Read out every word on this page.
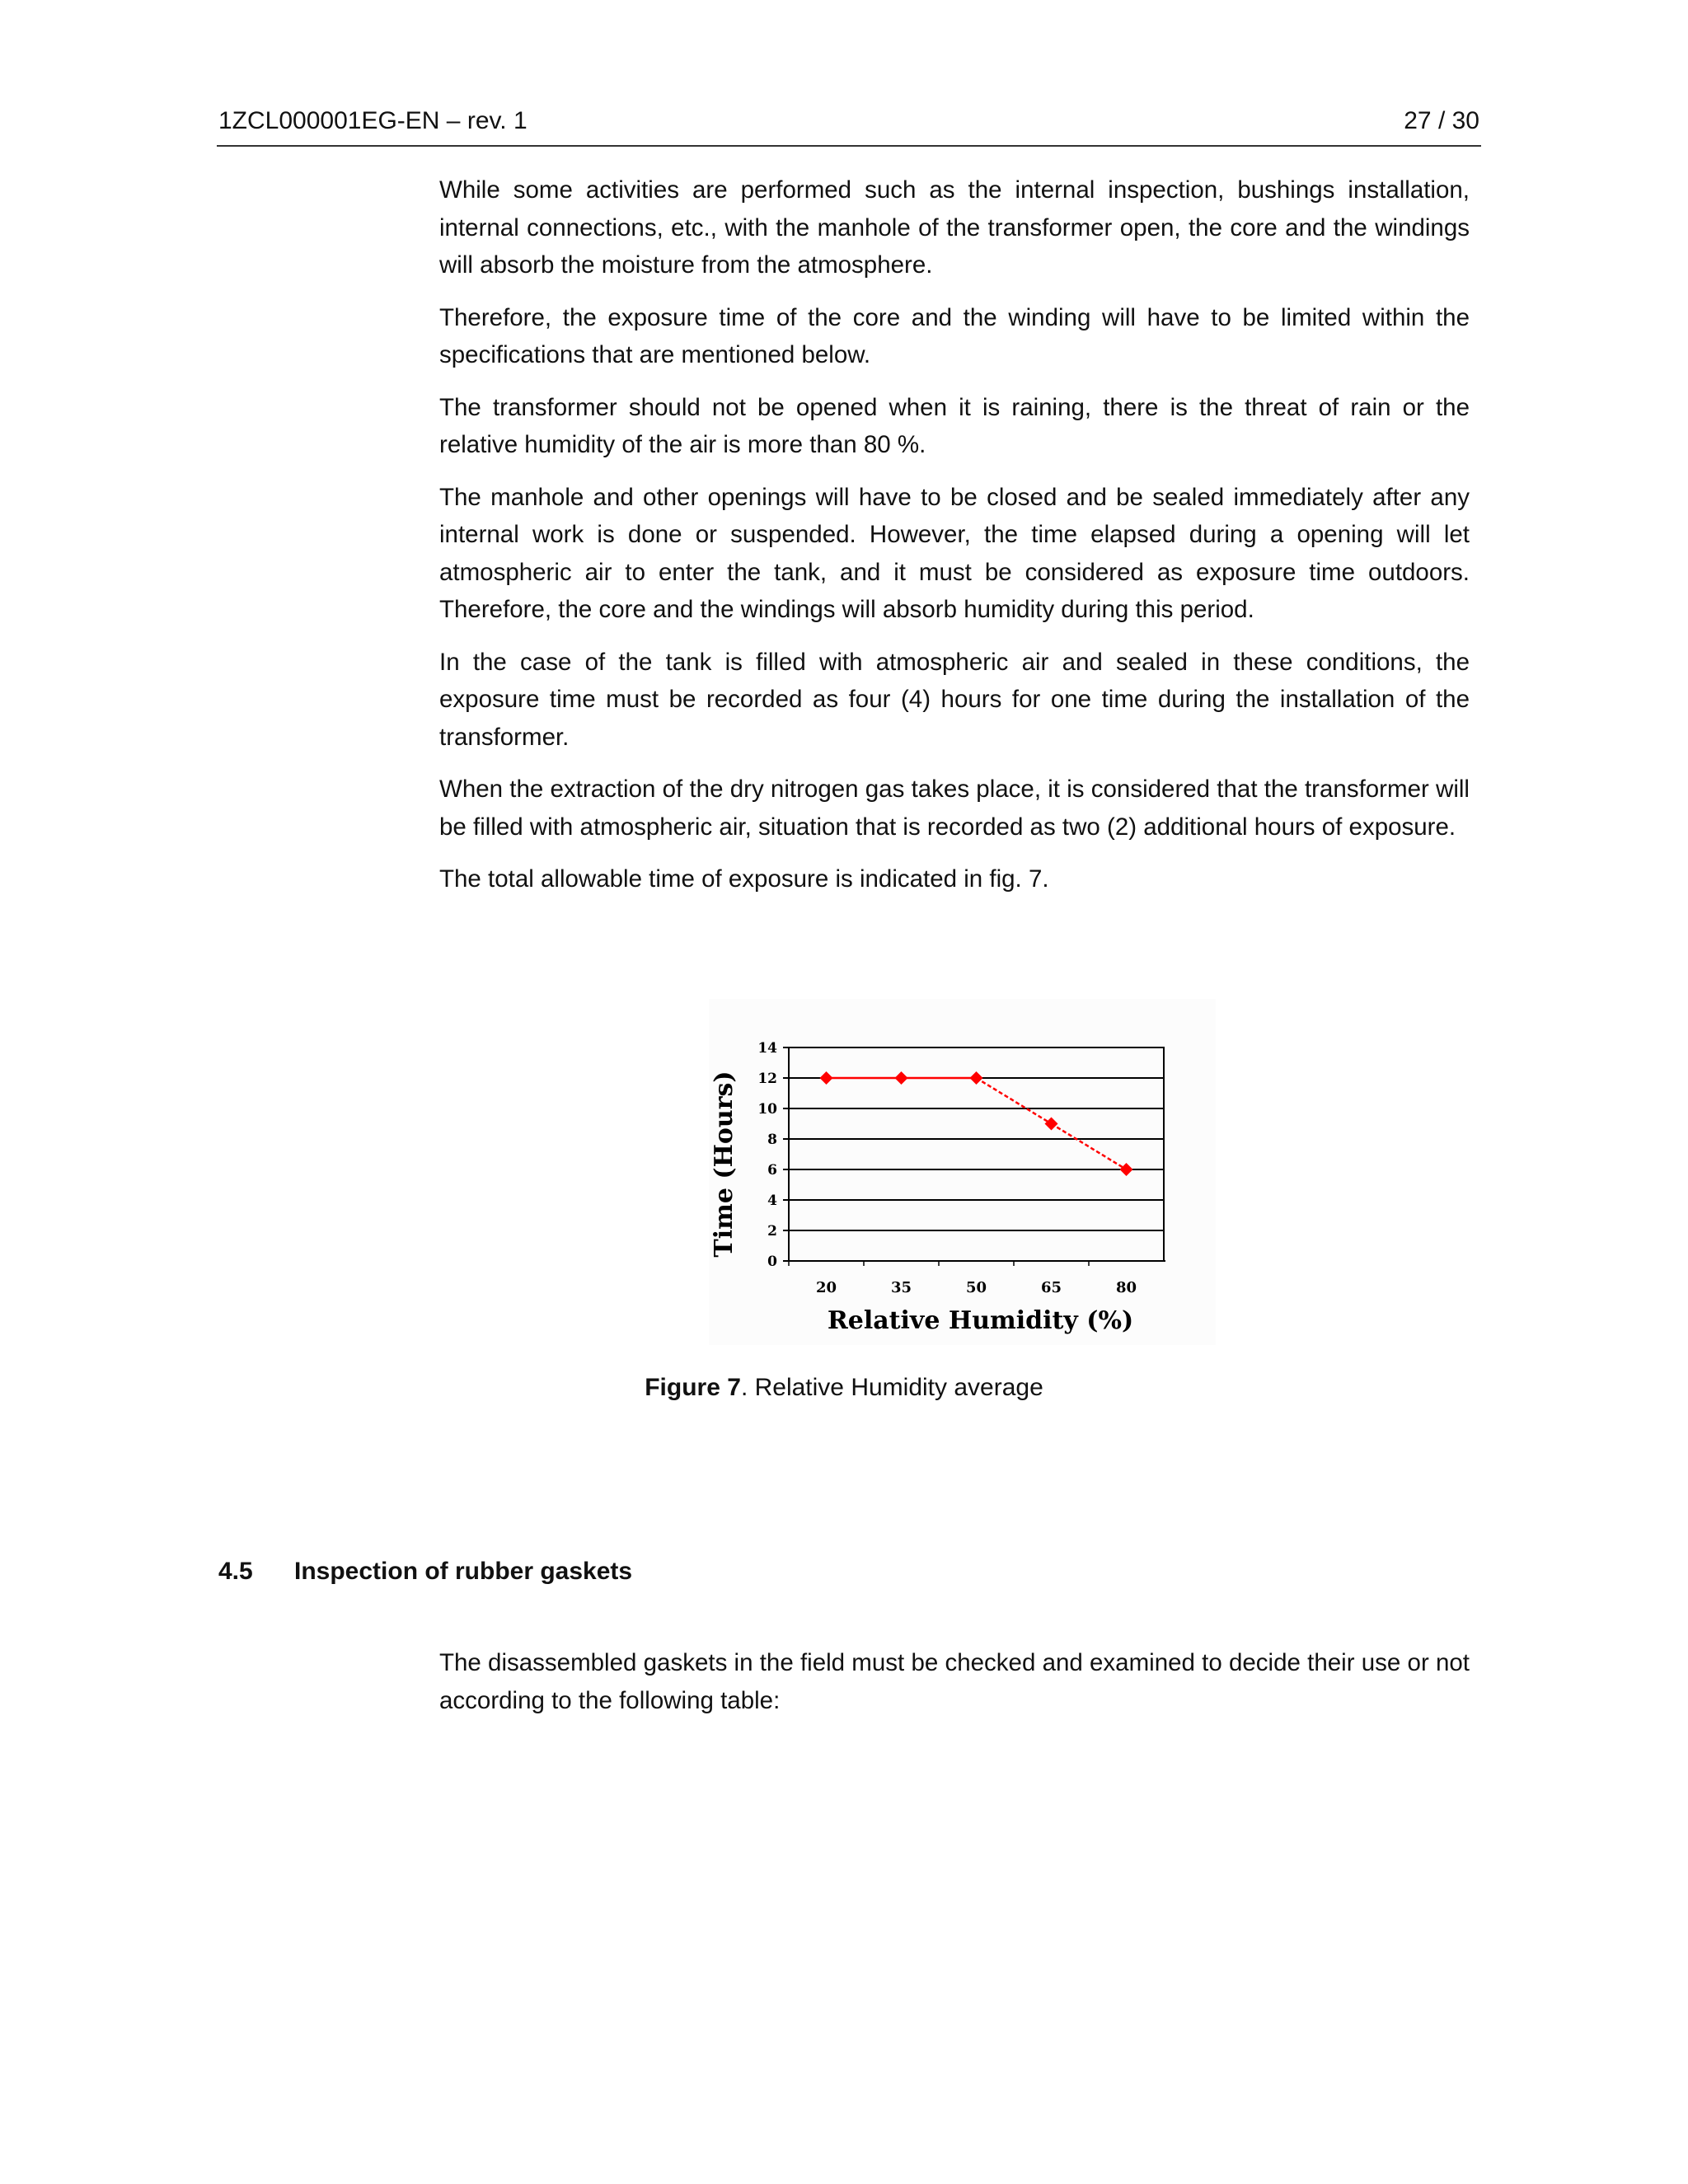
1ZCL000001EG-EN – rev. 1	27 / 30

While some activities are performed such as the internal inspection, bushings installation, internal connections, etc., with the manhole of the transformer open, the core and the windings will absorb the moisture from the atmosphere.

Therefore, the exposure time of the core and the winding will have to be limited within the specifications that are mentioned below.

The transformer should not be opened when it is raining, there is the threat of rain or the relative humidity of the air is more than 80 %.

The manhole and other openings will have to be closed and be sealed immediately after any internal work is done or suspended. However, the time elapsed during a opening will let atmospheric air to enter the tank, and it must be considered as exposure time outdoors. Therefore, the core and the windings will absorb humidity during this period.

In the case of the tank is filled with atmospheric air and sealed in these conditions, the exposure time must be recorded as four (4) hours for one time during the installation of the transformer.

When the extraction of the dry nitrogen gas takes place, it is considered that the transformer will be filled with atmospheric air, situation that is recorded as two (2) additional hours of exposure.

The total allowable time of exposure is indicated in fig. 7.

0
2
4
6
8
10
12
14
20	35	50	65	80
Relative Humidity (%)
Time (Hours)
Figure 7. Relative Humidity average
4.5 Inspection of rubber gaskets

The disassembled gaskets in the field must be checked and examined to decide their use or not according to the following table:
